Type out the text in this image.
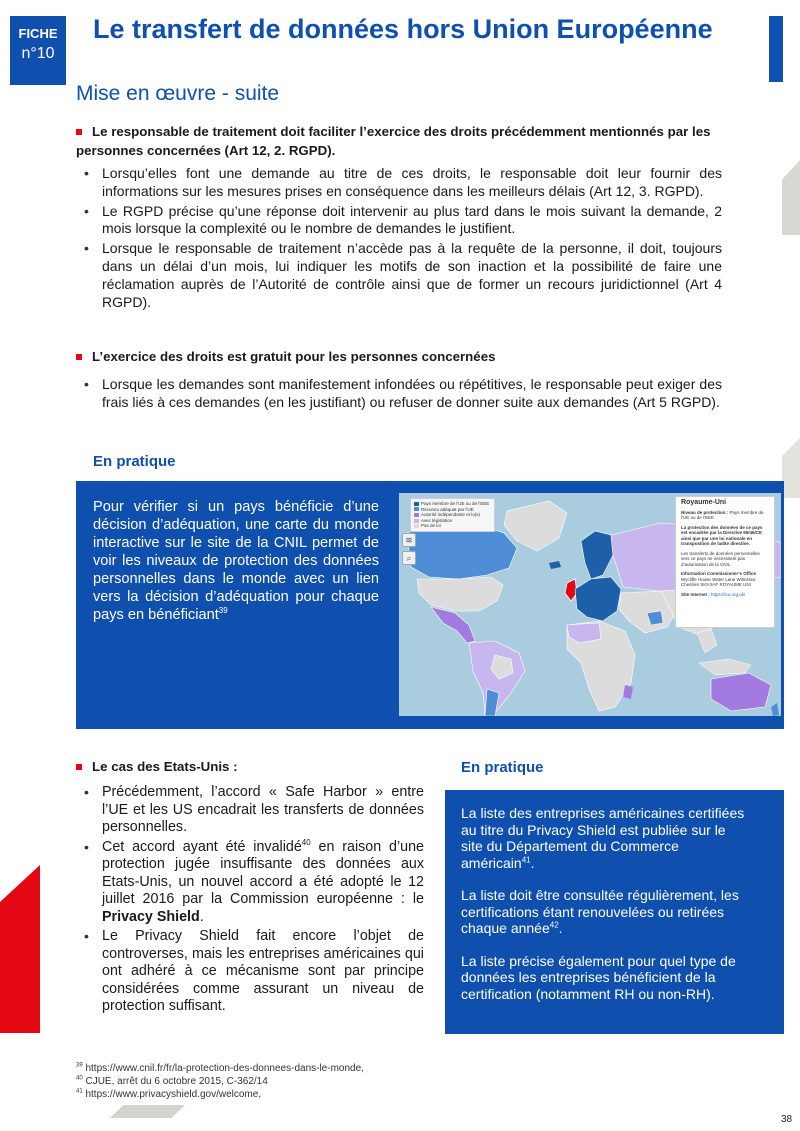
FICHE
n°10
Le transfert de données hors Union Européenne
Mise en œuvre - suite
Le responsable de traitement doit faciliter l’exercice des droits précédemment mentionnés par les personnes concernées (Art 12, 2. RGPD).
• Lorsqu’elles font une demande au titre de ces droits, le responsable doit leur fournir des informations sur les mesures prises en conséquence dans les meilleurs délais (Art 12, 3. RGPD).
• Le RGPD précise qu’une réponse doit intervenir au plus tard dans le mois suivant la demande, 2 mois lorsque la complexité ou le nombre de demandes le justifient.
• Lorsque le responsable de traitement n’accède pas à la requête de la personne, il doit, toujours dans un délai d’un mois, lui indiquer les motifs de son inaction et la possibilité de faire une réclamation auprès de l’Autorité de contrôle ainsi que de former un recours juridictionnel (Art 4 RGPD).
L’exercice des droits est gratuit pour les personnes concernées
• Lorsque les demandes sont manifestement infondées ou répétitives, le responsable peut exiger des frais liés à ces demandes (en les justifiant) ou refuser de donner suite aux demandes (Art 5 RGPD).
En pratique
Pour vérifier si un pays bénéficie d’une décision d’adéquation, une carte du monde interactive sur le site de la CNIL permet de voir les niveaux de protection des données personnelles dans le monde avec un lien vers la décision d’adéquation pour chaque pays en bénéficiant$^{39}$
Pays membre de l’UE ou de l’EEE
Reconnu adéquat par l’UE
Autorité indépendante et lo(s)
Avec législation
Pas de loi
≋
⌕
Royaume-Uni

Niveau de protection : Pays membre de l’UE ou de l’EEE

La protection des données de ce pays est encadrée par la Directive 95/46/CE ainsi que par une loi nationale en transposition de ladite directive.

Les transferts de données personnelles vers ce pays ne nécessitent pas d’autorisation de la CNIL.

Information Commissioner’s Office
Wycliffe House Water Lane Wilmslow Cheshire SK9 5AF ROYAUME UNI

Site Internet : https://ico.org.uk/

Le cas des Etats-Unis :
• Précédemment, l’accord « Safe Harbor » entre l’UE et les US encadrait les transferts de données personnelles.
• Cet accord ayant été invalidé$^{40}$ en raison d’une protection jugée insuffisante des données aux Etats-Unis, un nouvel accord a été adopté le 12 juillet 2016 par la Commission européenne : le Privacy Shield.
• Le Privacy Shield fait encore l’objet de controverses, mais les entreprises américaines qui ont adhéré à ce mécanisme sont par principe considérées comme assurant un niveau de protection suffisant.
En pratique

La liste des entreprises américaines certifiées au titre du Privacy Shield est publiée sur le site du Département du Commerce américain$^{41}$.

La liste doit être consultée régulièrement, les certifications étant renouvelées ou retirées chaque année$^{42}$.

La liste précise également pour quel type de données les entreprises bénéficient de la certification (notamment RH ou non-RH).

$^{39}$ https://www.cnil.fr/fr/la-protection-des-donnees-dans-le-monde,
$^{40}$ CJUE, arrêt du 6 octobre 2015, C-362/14
$^{41}$ https://www.privacyshield.gov/welcome,
38
